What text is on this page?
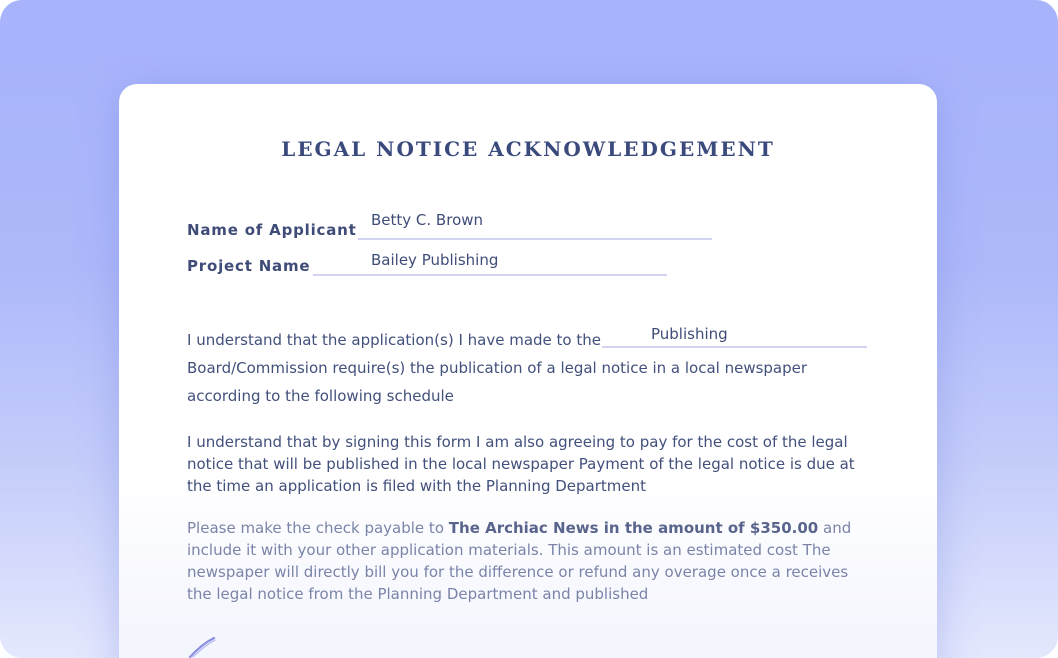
LEGAL NOTICE ACKNOWLEDGEMENT
Name of Applicant
Betty C. Brown
Project Name	Bailey Publishing
I understand that the application(s) I have made to the	Publishing
Board/Commission require(s) the publication of a legal notice in a local newspaper
according to the following schedule
I understand that by signing this form I am also agreeing to pay for the cost of the legal
notice that will be published in the local newspaper Payment of the legal notice is due at
the time an application is filed with the Planning Department
Please make the check payable to The Archiac News in the amount of $350.00 and
include it with your other application materials. This amount is an estimated cost The
newspaper will directly bill you for the difference or refund any overage once a receives
the legal notice from the Planning Department and published
